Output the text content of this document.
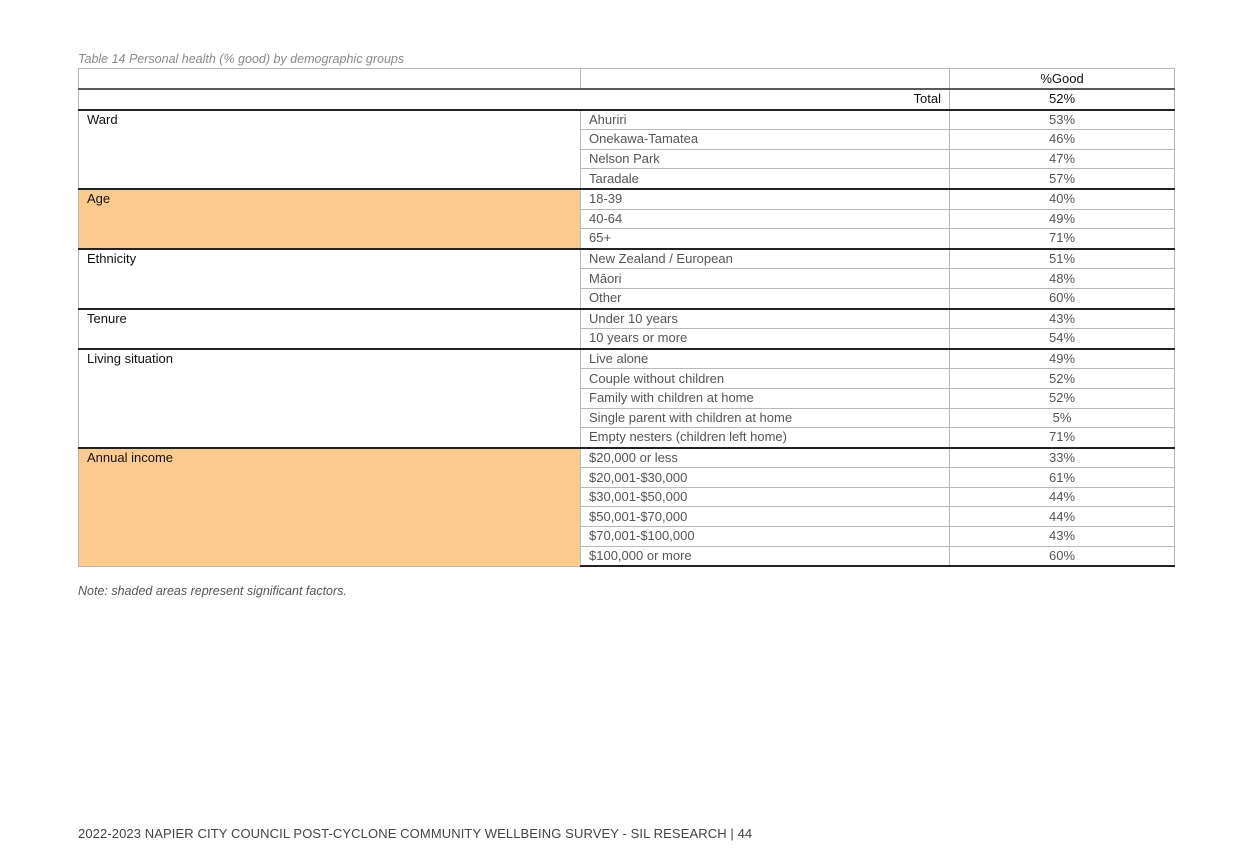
Table 14 Personal health (% good) by demographic groups
		%Good
Total		52%
Ward	Ahuriri	53%
	Onekawa-Tamatea	46%
	Nelson Park	47%
	Taradale	57%
Age	18-39	40%
	40-64	49%
	65+	71%
Ethnicity	New Zealand / European	51%
	Māori	48%
	Other	60%
Tenure	Under 10 years	43%
	10 years or more	54%
Living situation	Live alone	49%
	Couple without children	52%
	Family with children at home	52%
	Single parent with children at home	5%
	Empty nesters (children left home)	71%
Annual income	$20,000 or less	33%
	$20,001-$30,000	61%
	$30,001-$50,000	44%
	$50,001-$70,000	44%
	$70,001-$100,000	43%
	$100,000 or more	60%
Note: shaded areas represent significant factors.
2022-2023 NAPIER CITY COUNCIL POST-CYCLONE COMMUNITY WELLBEING SURVEY - SIL RESEARCH | 44
